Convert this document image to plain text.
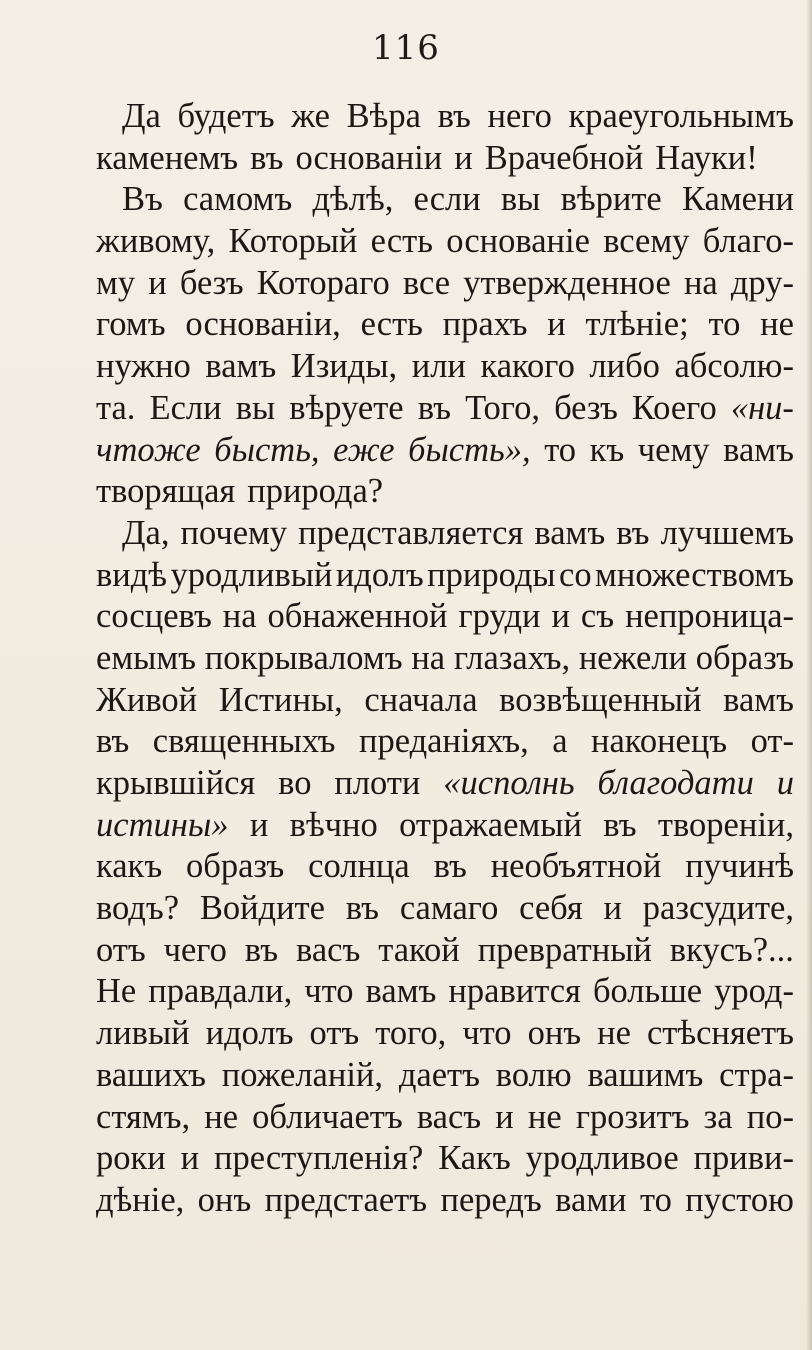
116
Да будетъ же Вѣра въ него краеугольнымъ
каменемъ въ основаніи и Врачебной Науки!
Въ самомъ дѣлѣ, если вы вѣрите Камени
живому, Который есть основаніе всему благо-
му и безъ Котораго все утвержденное на дру-
гомъ основаніи, есть прахъ и тлѣніе; то не
нужно вамъ Изиды, или какого либо абсолю-
та. Если вы вѣруете въ Того, безъ Коего «ни-
чтоже бысть, еже бысть», то къ чему вамъ
творящая природа?
Да, почему представляется вамъ въ лучшемъ
видѣ уродливый идолъ природы со множествомъ
сосцевъ на обнаженной груди и съ непроница-
емымъ покрываломъ на глазахъ, нежели образъ
Живой Истины, сначала возвѣщенный вамъ
въ священныхъ преданіяхъ, а наконецъ от-
крывшійся во плоти «исполнь благодати и
истины» и вѣчно отражаемый въ твореніи,
какъ образъ солнца въ необъятной пучинѣ
водъ? Войдите въ самаго себя и разсудите,
отъ чего въ васъ такой превратный вкусъ?...
Не правдали, что вамъ нравится больше урод-
ливый идолъ отъ того, что онъ не стѣсняетъ
вашихъ пожеланій, даетъ волю вашимъ стра-
стямъ, не обличаетъ васъ и не грозитъ за по-
роки и преступленія? Какъ уродливое приви-
дѣніе, онъ предстаетъ передъ вами то пустою
